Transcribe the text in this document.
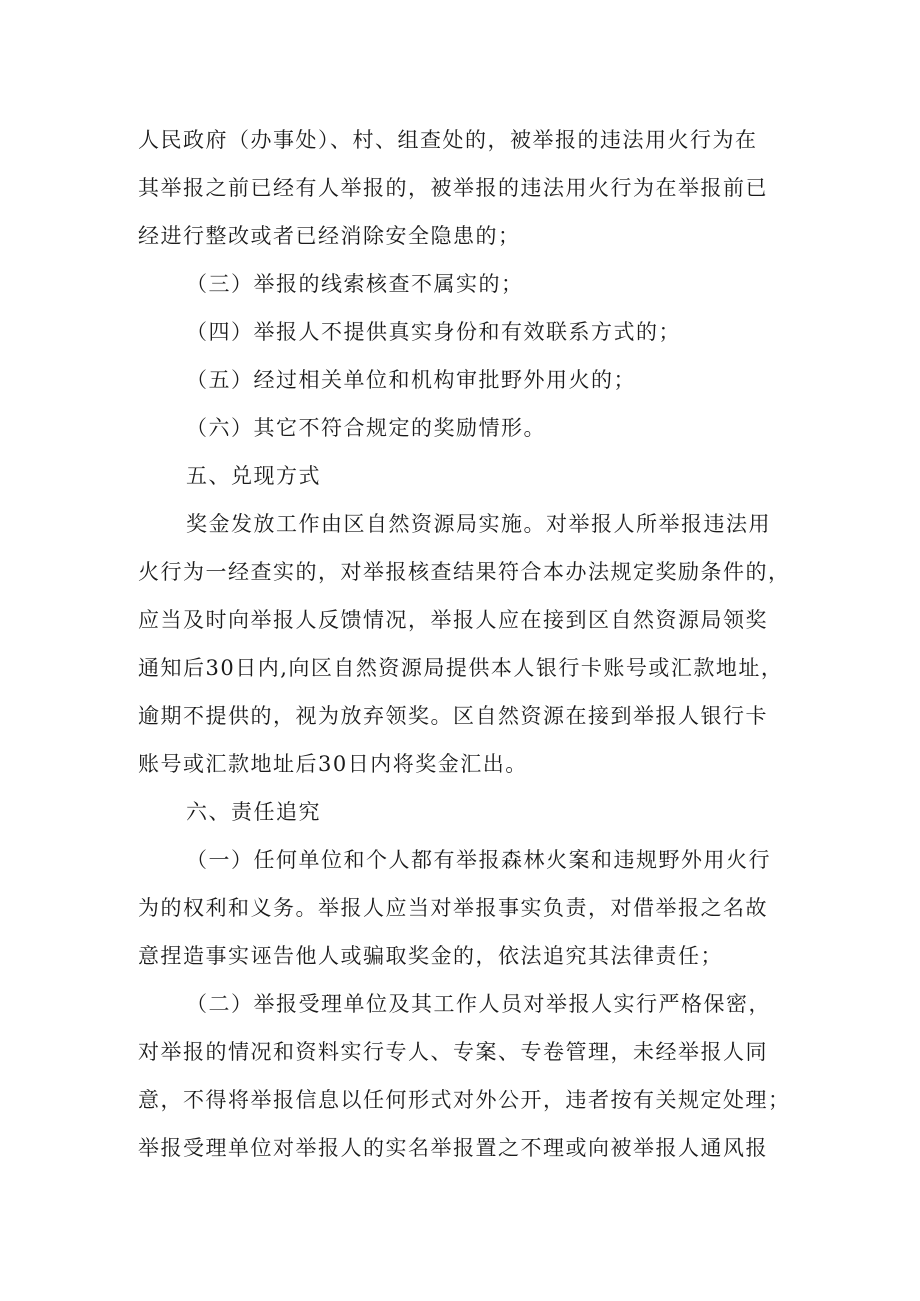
人民政府（办事处）、村、组查处的，被举报的违法用火行为在
其举报之前已经有人举报的，被举报的违法用火行为在举报前已
经进行整改或者已经消除安全隐患的；
（三）举报的线索核查不属实的；
（四）举报人不提供真实身份和有效联系方式的；
（五）经过相关单位和机构审批野外用火的；
（六）其它不符合规定的奖励情形。
五、兑现方式
奖金发放工作由区自然资源局实施。对举报人所举报违法用
火行为一经查实的，对举报核查结果符合本办法规定奖励条件的，
应当及时向举报人反馈情况，举报人应在接到区自然资源局领奖
通知后30日内,向区自然资源局提供本人银行卡账号或汇款地址，
逾期不提供的，视为放弃领奖。区自然资源在接到举报人银行卡
账号或汇款地址后30日内将奖金汇出。
六、责任追究
（一）任何单位和个人都有举报森林火案和违规野外用火行
为的权利和义务。举报人应当对举报事实负责，对借举报之名故
意捏造事实诬告他人或骗取奖金的，依法追究其法律责任；
（二）举报受理单位及其工作人员对举报人实行严格保密，
对举报的情况和资料实行专人、专案、专卷管理，未经举报人同
意，不得将举报信息以任何形式对外公开，违者按有关规定处理；
举报受理单位对举报人的实名举报置之不理或向被举报人通风报
